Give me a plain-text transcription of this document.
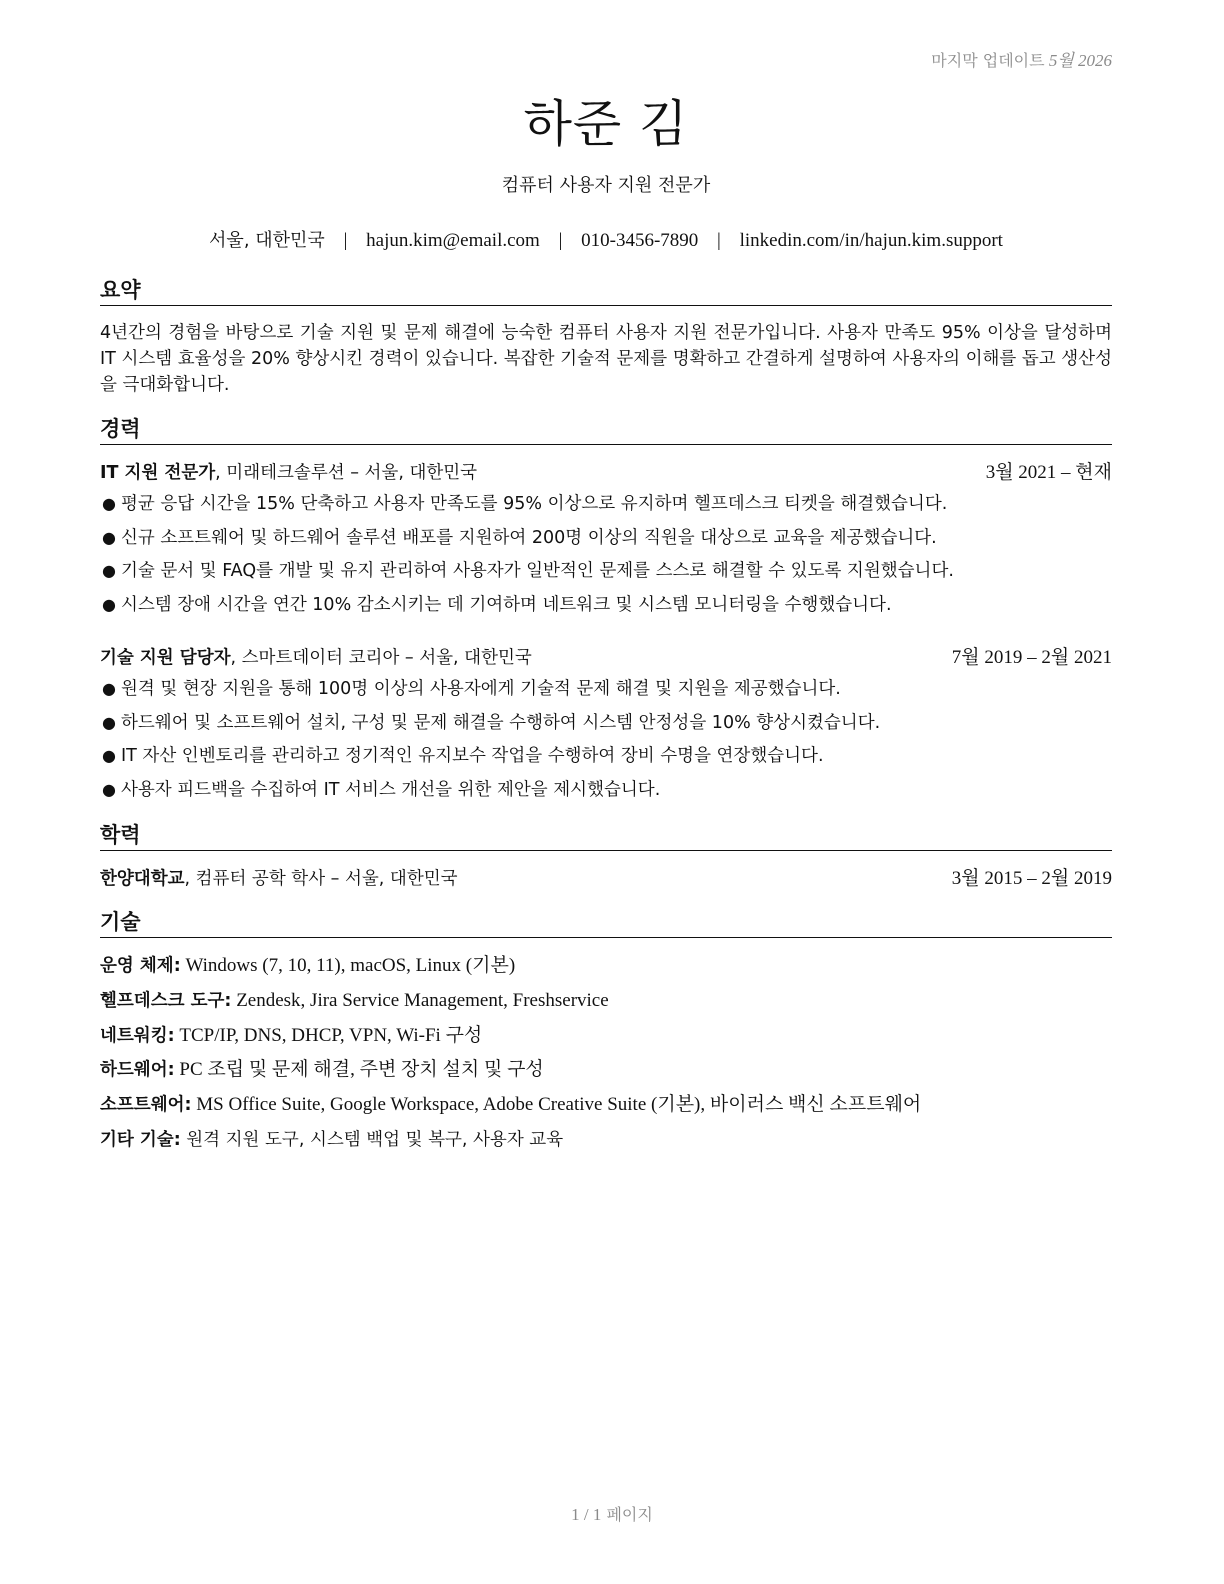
마지막 업데이트 5월 2026
하준 김
컴퓨터 사용자 지원 전문가
서울, 대한민국 | hajun.kim@email.com | 010-3456-7890 | linkedin.com/in/hajun.kim.support
요약
4년간의 경험을 바탕으로 기술 지원 및 문제 해결에 능숙한 컴퓨터 사용자 지원 전문가입니다. 사용자 만족도 95% 이상을 달성하며 IT 시스템 효율성을 20% 향상시킨 경력이 있습니다. 복잡한 기술적 문제를 명확하고 간결하게 설명하여 사용자의 이해를 돕고 생산성을 극대화합니다.
경력
IT 지원 전문가, 미래테크솔루션 – 서울, 대한민국	3월 2021 – 현재
● 평균 응답 시간을 15% 단축하고 사용자 만족도를 95% 이상으로 유지하며 헬프데스크 티켓을 해결했습니다.
● 신규 소프트웨어 및 하드웨어 솔루션 배포를 지원하여 200명 이상의 직원을 대상으로 교육을 제공했습니다.
● 기술 문서 및 FAQ를 개발 및 유지 관리하여 사용자가 일반적인 문제를 스스로 해결할 수 있도록 지원했습니다.
● 시스템 장애 시간을 연간 10% 감소시키는 데 기여하며 네트워크 및 시스템 모니터링을 수행했습니다.
기술 지원 담당자, 스마트데이터 코리아 – 서울, 대한민국	7월 2019 – 2월 2021
● 원격 및 현장 지원을 통해 100명 이상의 사용자에게 기술적 문제 해결 및 지원을 제공했습니다.
● 하드웨어 및 소프트웨어 설치, 구성 및 문제 해결을 수행하여 시스템 안정성을 10% 향상시켰습니다.
● IT 자산 인벤토리를 관리하고 정기적인 유지보수 작업을 수행하여 장비 수명을 연장했습니다.
● 사용자 피드백을 수집하여 IT 서비스 개선을 위한 제안을 제시했습니다.
학력
한양대학교, 컴퓨터 공학 학사 – 서울, 대한민국	3월 2015 – 2월 2019
기술
운영 체제: Windows (7, 10, 11), macOS, Linux (기본)
헬프데스크 도구: Zendesk, Jira Service Management, Freshservice
네트워킹: TCP/IP, DNS, DHCP, VPN, Wi-Fi 구성
하드웨어: PC 조립 및 문제 해결, 주변 장치 설치 및 구성
소프트웨어: MS Office Suite, Google Workspace, Adobe Creative Suite (기본), 바이러스 백신 소프트웨어
기타 기술: 원격 지원 도구, 시스템 백업 및 복구, 사용자 교육
1 / 1 페이지
